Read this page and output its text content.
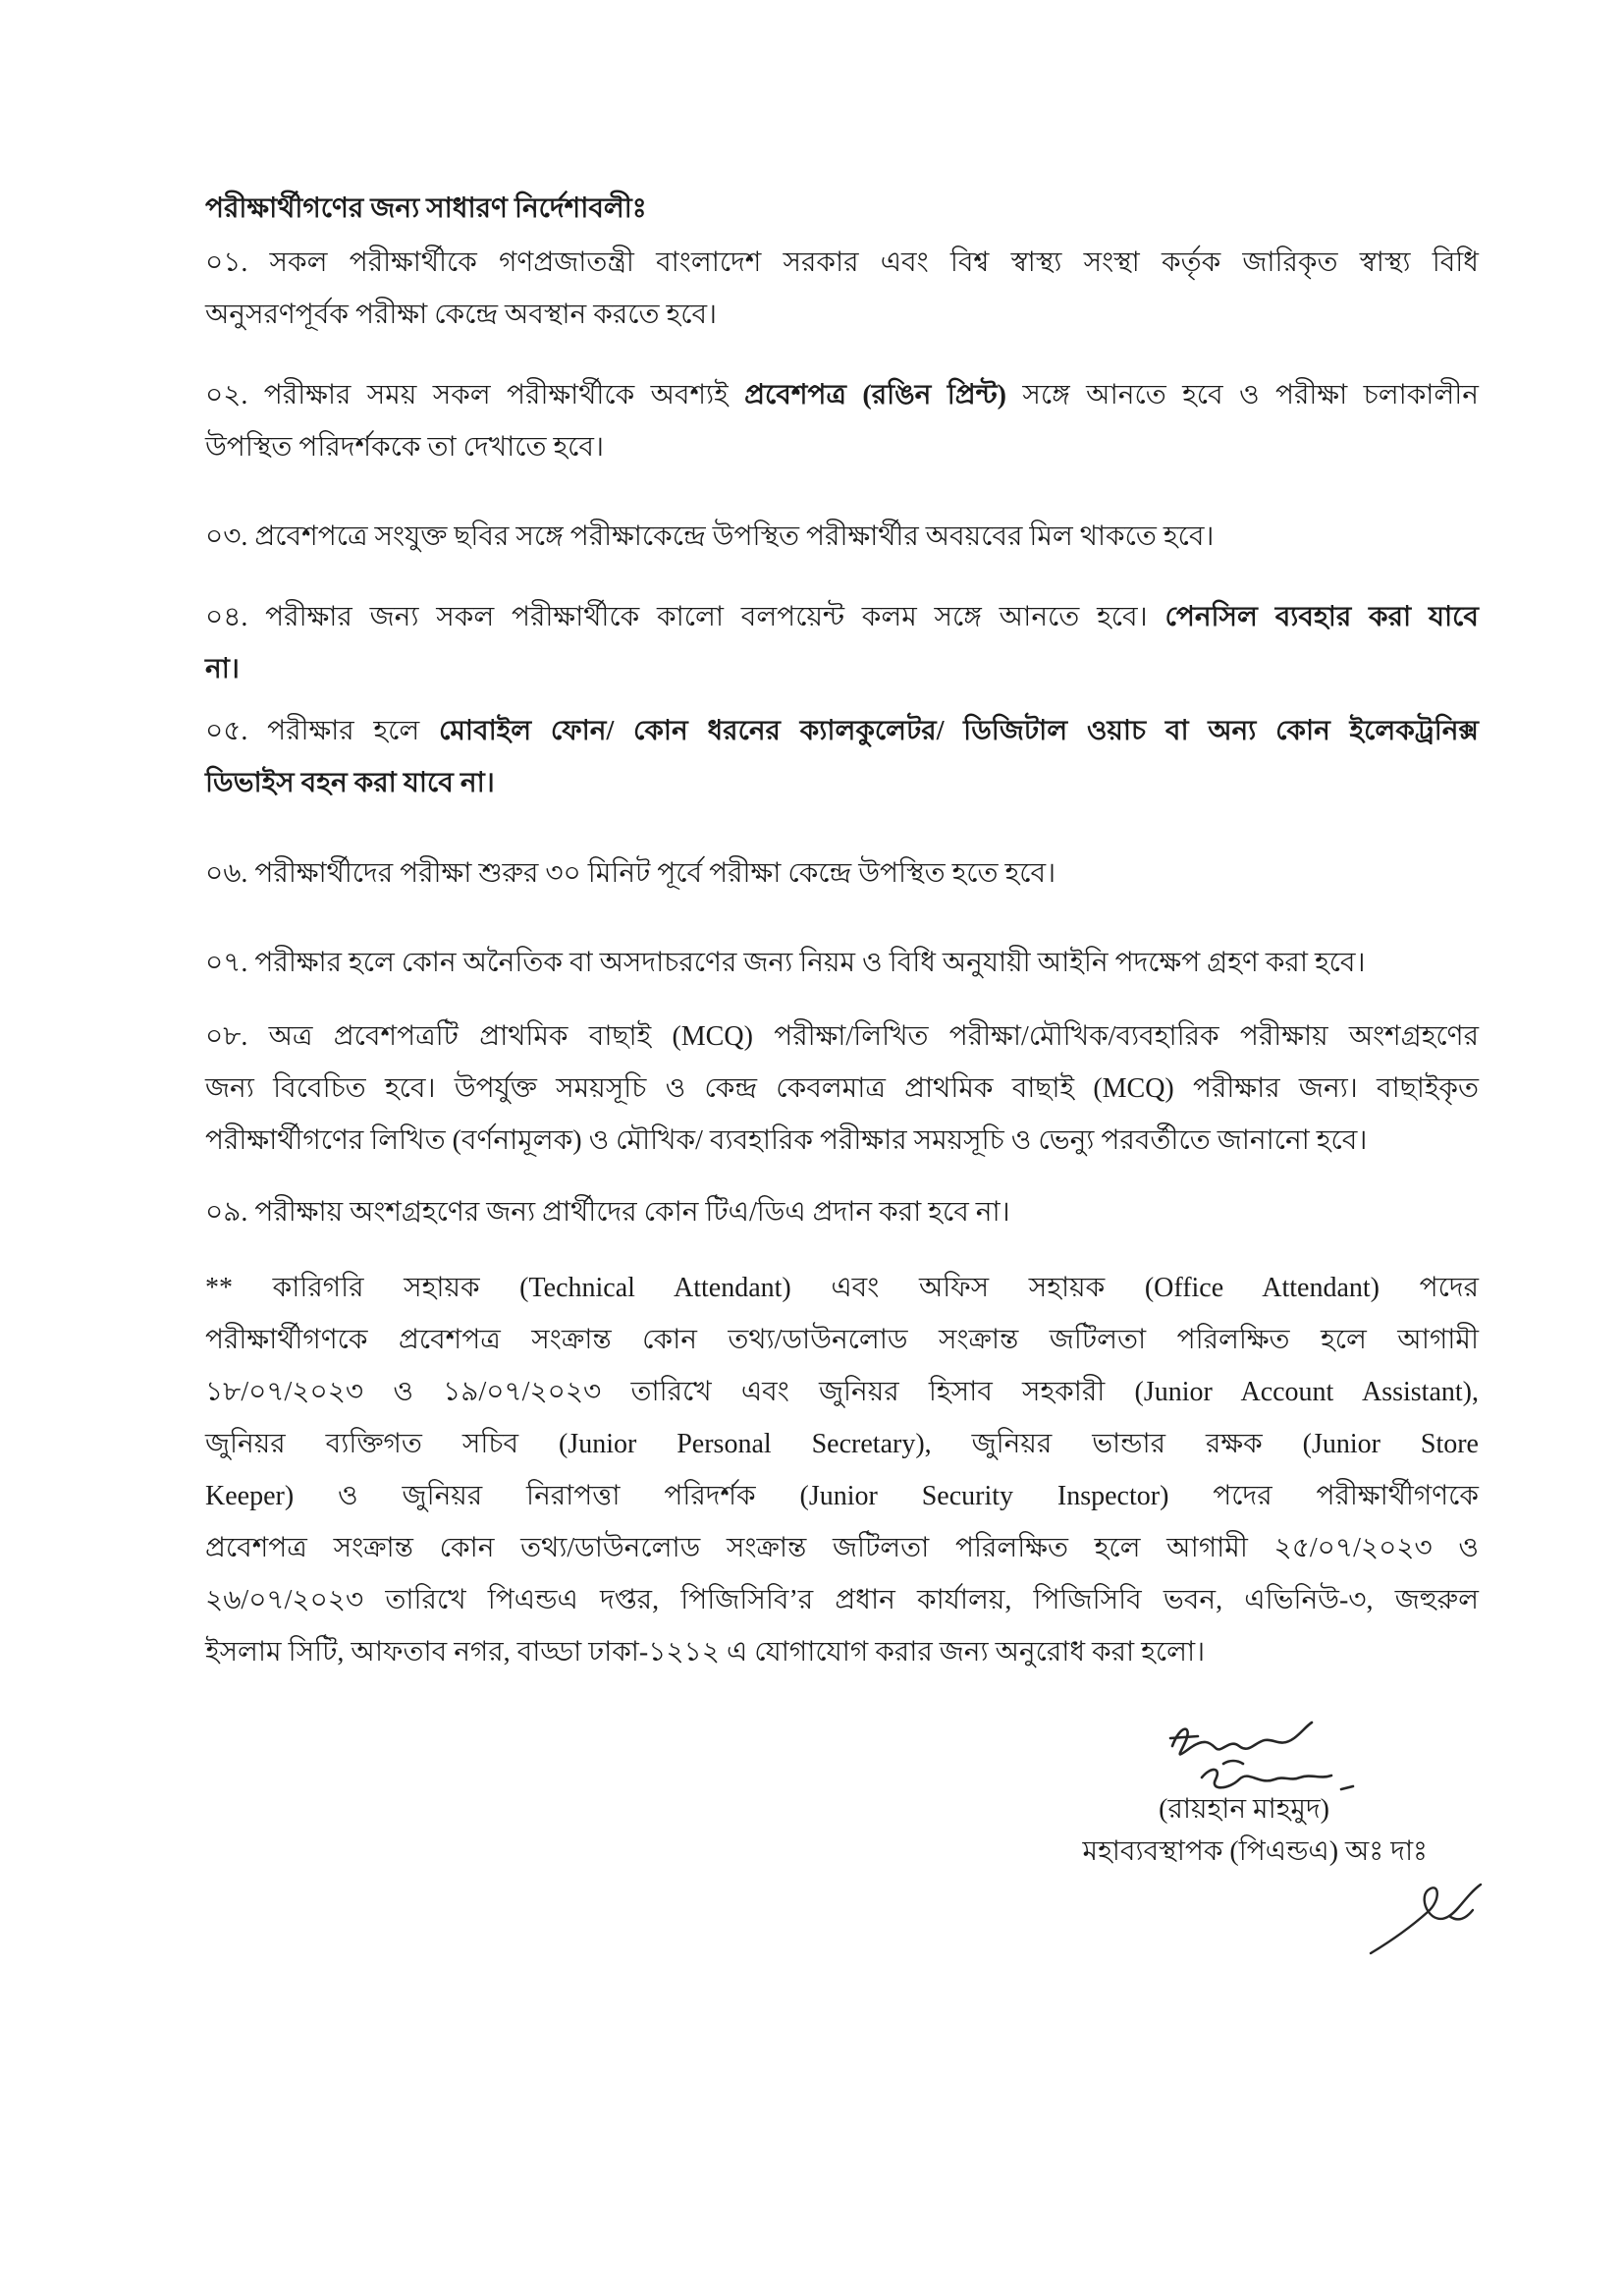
পরীক্ষার্থীগণের জন্য সাধারণ নির্দেশাবলীঃ
০১. সকল পরীক্ষার্থীকে গণপ্রজাতন্ত্রী বাংলাদেশ সরকার এবং বিশ্ব স্বাস্থ্য সংস্থা কর্তৃক জারিকৃত স্বাস্থ্য বিধি
অনুসরণপূর্বক পরীক্ষা কেন্দ্রে অবস্থান করতে হবে।
০২. পরীক্ষার সময় সকল পরীক্ষার্থীকে অবশ্যই প্রবেশপত্র (রঙিন প্রিন্ট) সঙ্গে আনতে হবে ও পরীক্ষা চলাকালীন
উপস্থিত পরিদর্শককে তা দেখাতে হবে।
০৩. প্রবেশপত্রে সংযুক্ত ছবির সঙ্গে পরীক্ষাকেন্দ্রে উপস্থিত পরীক্ষার্থীর অবয়বের মিল থাকতে হবে।
০৪. পরীক্ষার জন্য সকল পরীক্ষার্থীকে কালো বলপয়েন্ট কলম সঙ্গে আনতে হবে। পেনসিল ব্যবহার করা যাবে
না।
০৫. পরীক্ষার হলে মোবাইল ফোন/ কোন ধরনের ক্যালকুলেটর/ ডিজিটাল ওয়াচ বা অন্য কোন ইলেকট্রনিক্স
ডিভাইস বহন করা যাবে না।
০৬. পরীক্ষার্থীদের পরীক্ষা শুরুর ৩০ মিনিট পূর্বে পরীক্ষা কেন্দ্রে উপস্থিত হতে হবে।
০৭. পরীক্ষার হলে কোন অনৈতিক বা অসদাচরণের জন্য নিয়ম ও বিধি অনুযায়ী আইনি পদক্ষেপ গ্রহণ করা হবে।
০৮. অত্র প্রবেশপত্রটি প্রাথমিক বাছাই (MCQ) পরীক্ষা/লিখিত পরীক্ষা/মৌখিক/ব্যবহারিক পরীক্ষায় অংশগ্রহণের
জন্য বিবেচিত হবে। উপর্যুক্ত সময়সূচি ও কেন্দ্র কেবলমাত্র প্রাথমিক বাছাই (MCQ) পরীক্ষার জন্য। বাছাইকৃত
পরীক্ষার্থীগণের লিখিত (বর্ণনামূলক) ও মৌখিক/ ব্যবহারিক পরীক্ষার সময়সূচি ও ভেন্যু পরবর্তীতে জানানো হবে।
০৯. পরীক্ষায় অংশগ্রহণের জন্য প্রার্থীদের কোন টিএ/ডিএ প্রদান করা হবে না।
** কারিগরি সহায়ক (Technical Attendant) এবং অফিস সহায়ক (Office Attendant) পদের
পরীক্ষার্থীগণকে প্রবেশপত্র সংক্রান্ত কোন তথ্য/ডাউনলোড সংক্রান্ত জটিলতা পরিলক্ষিত হলে আগামী
১৮/০৭/২০২৩ ও ১৯/০৭/২০২৩ তারিখে এবং জুনিয়র হিসাব সহকারী (Junior Account Assistant),
জুনিয়র ব্যক্তিগত সচিব (Junior Personal Secretary), জুনিয়র ভান্ডার রক্ষক (Junior Store
Keeper) ও জুনিয়র নিরাপত্তা পরিদর্শক (Junior Security Inspector) পদের পরীক্ষার্থীগণকে
প্রবেশপত্র সংক্রান্ত কোন তথ্য/ডাউনলোড সংক্রান্ত জটিলতা পরিলক্ষিত হলে আগামী ২৫/০৭/২০২৩ ও
২৬/০৭/২০২৩ তারিখে পিএন্ডএ দপ্তর, পিজিসিবি’র প্রধান কার্যালয়, পিজিসিবি ভবন, এভিনিউ-৩, জহুরুল
ইসলাম সিটি, আফতাব নগর, বাড্ডা ঢাকা-১২১২ এ যোগাযোগ করার জন্য অনুরোধ করা হলো।
(রায়হান মাহমুদ)
মহাব্যবস্থাপক (পিএন্ডএ) অঃ দাঃ
